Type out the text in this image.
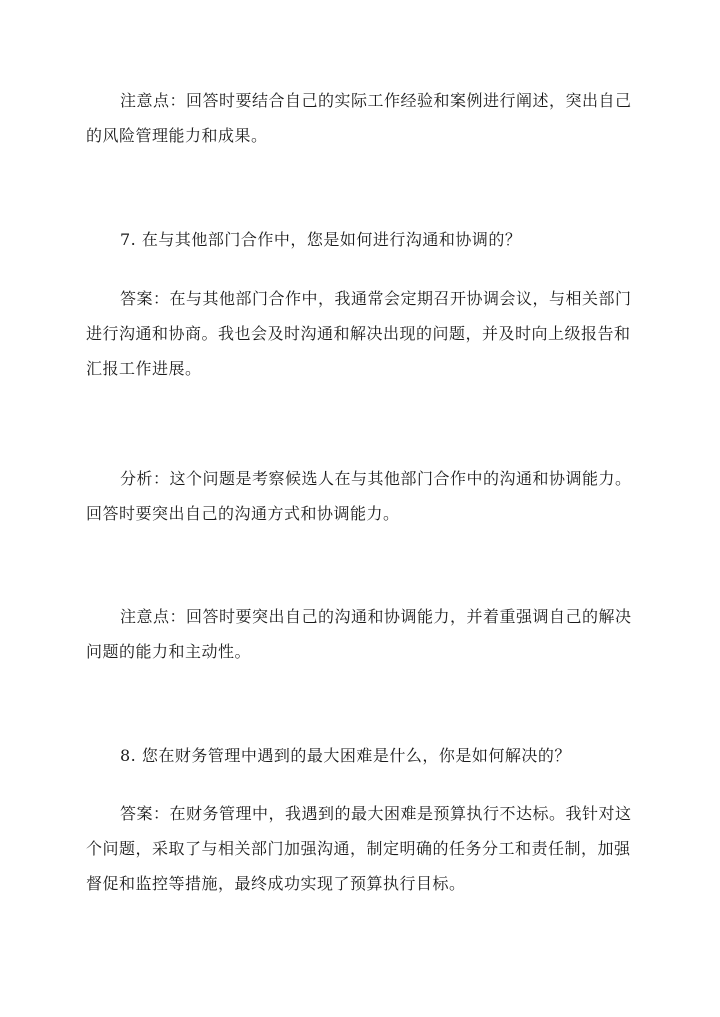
注意点：回答时要结合自己的实际工作经验和案例进行阐述，突出自己的风险管理能力和成果。

7. 在与其他部门合作中，您是如何进行沟通和协调的？

答案：在与其他部门合作中，我通常会定期召开协调会议，与相关部门进行沟通和协商。我也会及时沟通和解决出现的问题，并及时向上级报告和汇报工作进展。

分析：这个问题是考察候选人在与其他部门合作中的沟通和协调能力。回答时要突出自己的沟通方式和协调能力。

注意点：回答时要突出自己的沟通和协调能力，并着重强调自己的解决问题的能力和主动性。

8. 您在财务管理中遇到的最大困难是什么，你是如何解决的？

答案：在财务管理中，我遇到的最大困难是预算执行不达标。我针对这个问题，采取了与相关部门加强沟通，制定明确的任务分工和责任制，加强督促和监控等措施，最终成功实现了预算执行目标。
